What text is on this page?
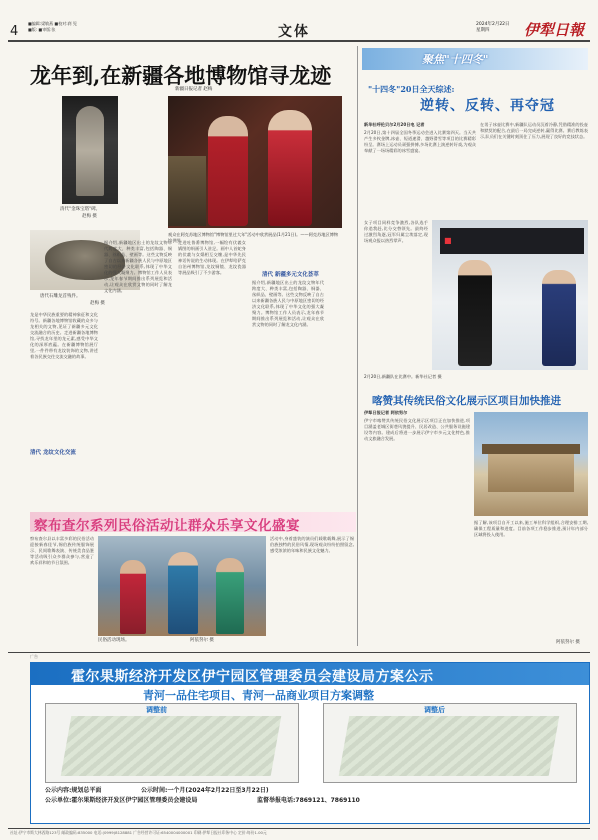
4
■编辑:梁敏燕 ■校对:刹 见
■版: ■审版:张	文体	2024年2月22日
星期四	伊犁日報
龙年到,在新疆各地博物馆寻龙迹
新疆日报记者 赵梅
清代"金珠宝塔"碑。
赵梅 摄
观众在阿克苏地区博物馆"博物馆里过大年"活动中欣赏展品(1月21日)。——阿克苏地区博物馆供图
唐代石雕龙首残件。
赵梅 摄
龙是中华民族重要的精神象征和文化符号。新疆各地博物馆收藏的众多与龙相关的文物,见证了新疆多元文化交流融合的历史。走进新疆各地博物馆,寻找龙年里的龙元素,感受中华文化的深厚底蕴。在新疆博物馆展厅里,一件件带有龙纹装饰的文物,讲述着各民族交往交流交融的故事。
清代 龙纹文化交流
据介绍,新疆地区出土的龙纹文物年代跨度大、种类丰富,包括陶器、铜器、丝织品、壁画等。这些文物反映了自古以来新疆各族人民与中原地区密切的经济文化联系,体现了中华文化的强大凝聚力。博物馆工作人员表示,龙年春节期间推出系列展览和活动,让观众在欣赏文物的同时了解龙文化内涵。
走进吐鲁番博物馆,一幅绘有伏羲女娲图的绢画引人驻足。画中人首蛇身的伏羲与女娲相互交缠,是中华先民神话传说的生动体现。在伊犁哈萨克自治州博物馆,龙纹铜镜、龙纹瓷器等展品吸引了不少游客。	清代 新疆多元文化荟萃
据介绍,新疆地区出土的龙纹文物年代跨度大、种类丰富,包括陶器、铜器、丝织品、壁画等。这些文物反映了自古以来新疆各族人民与中原地区密切的经济文化联系,体现了中华文化的强大凝聚力。博物馆工作人员表示,龙年春节期间推出系列展览和活动,让观众在欣赏文物的同时了解龙文化内涵。
察布查尔系列民俗活动让群众乐享文化盛宴
察布查尔县以丰富多彩的民俗活动迎接新春佳节,锡伯族传统服饰展示、民间歌舞表演、传统美食品鉴等活动吸引众多群众参与,营造了欢乐祥和的节日氛围。
民俗活动现场。	阿依努尔 摄
活动中,身着盛装的演员们载歌载舞,展示了锡伯族独特的民俗风情,现场观众纷纷拍照留念,感受浓浓的年味和民族文化魅力。
聚焦"十四冬"
"十四冬"20日全天综述:
逆转、反转、再夺冠
新华社呼伦贝尔2月20日电 记者
2月20日,第十四届全国冬季运动会进入比赛第四天。当天共产生多枚金牌,冰壶、短道速滑、越野滑雪等项目的比赛精彩纷呈。赛场上运动员顽强拼搏,多场比赛上演逆转好戏,为观众奉献了一场场精彩的冰雪盛宴。
在男子冰壶比赛中,新疆队运动员沉着冷静,凭借精准的投壶和默契的配合,在最后一局完成逆转,赢得比赛。赛后教练表示,队员们在关键时刻顶住了压力,展现了良好的竞技状态。
女子项目同样竞争激烈,各队选手你追我赶,比分交替领先。最终经过激烈角逐,冠军归属尘埃落定,现场观众报以热烈掌声。	■
2月20日,新疆队在比赛中。新华社记者 摄
喀赞其传统民俗文化展示区项目加快推进
伊犁日报记者 阿依努尔
伊宁市喀赞其传统民俗文化展示区项目正在加快推进,项目涵盖老城区街巷风貌提升、民居改造、公共服务设施建设等内容。建成后将进一步展示伊宁市多元文化特色,推动文旅融合发展。
据了解,该项目自开工以来,施工单位科学组织,合理安排工期,确保工程质量和进度。目前各项工作稳步推进,预计年内部分区域将投入使用。
阿依努尔 摄
广告
霍尔果斯经济开发区伊宁园区管理委员会建设局方案公示
青河一品住宅项目、青河一品商业项目方案调整
调整前	调整后
公示内容:规划总平面	公示时间:一个月(2024年2月22日至3月22日)
公示单位:霍尔果斯经济开发区伊宁园区管理委员会建设局	监督举报电话:7869121、7869110
社址:伊宁市斯大林西路123号 邮政编码:835000 电话:(0999)8128881 广告经营许可证:6540004000001 印刷:伊犁日报社印务中心 定价:每份1.00元
